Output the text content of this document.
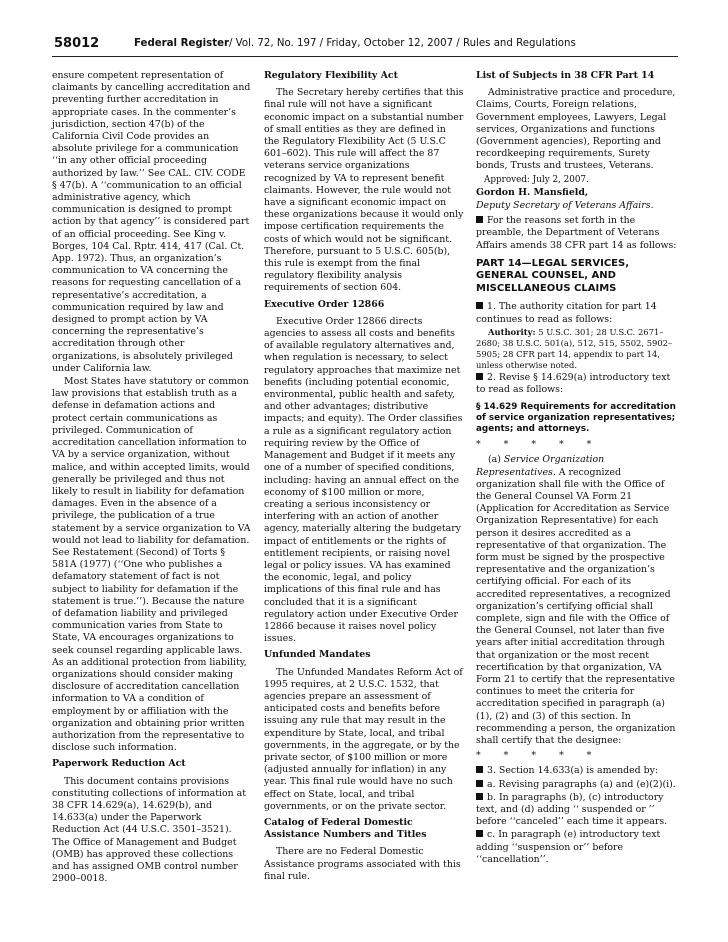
58012	Federal Register/ Vol. 72, No. 197 / Friday, October 12, 2007 / Rules and Regulations

ensure competent representation of claimants by cancelling accreditation and preventing further accreditation in appropriate cases. In the commenter’s jurisdiction, section 47(b) of the California Civil Code provides an absolute privilege for a communication ‘‘in any other official proceeding authorized by law.’’ See CAL. CIV. CODE § 47(b). A ‘‘communication to an official administrative agency, which communication is designed to prompt action by that agency’’ is considered part of an official proceeding. See King v. Borges, 104 Cal. Rptr. 414, 417 (Cal. Ct. App. 1972). Thus, an organization’s communication to VA concerning the reasons for requesting cancellation of a representative’s accreditation, a communication required by law and designed to prompt action by VA concerning the representative’s accreditation through other organizations, is absolutely privileged under California law.

Most States have statutory or common law provisions that establish truth as a defense in defamation actions and protect certain communications as privileged. Communication of accreditation cancellation information to VA by a service organization, without malice, and within accepted limits, would generally be privileged and thus not likely to result in liability for defamation damages. Even in the absence of a privilege, the publication of a true statement by a service organization to VA would not lead to liability for defamation. See Restatement (Second) of Torts § 581A (1977) (‘‘One who publishes a defamatory statement of fact is not subject to liability for defamation if the statement is true.’’). Because the nature of defamation liability and privileged communication varies from State to State, VA encourages organizations to seek counsel regarding applicable laws. As an additional protection from liability, organizations should consider making disclosure of accreditation cancellation information to VA a condition of employment by or affiliation with the organization and obtaining prior written authorization from the representative to disclose such information.

Paperwork Reduction Act

This document contains provisions constituting collections of information at 38 CFR 14.629(a), 14.629(b), and 14.633(a) under the Paperwork Reduction Act (44 U.S.C. 3501–3521). The Office of Management and Budget (OMB) has approved these collections and has assigned OMB control number 2900–0018.

Regulatory Flexibility Act

The Secretary hereby certifies that this final rule will not have a significant economic impact on a substantial number of small entities as they are defined in the Regulatory Flexibility Act (5 U.S.C 601–602). This rule will affect the 87 veterans service organizations recognized by VA to represent benefit claimants. However, the rule would not have a significant economic impact on these organizations because it would only impose certification requirements the costs of which would not be significant. Therefore, pursuant to 5 U.S.C. 605(b), this rule is exempt from the final regulatory flexibility analysis requirements of section 604.

Executive Order 12866

Executive Order 12866 directs agencies to assess all costs and benefits of available regulatory alternatives and, when regulation is necessary, to select regulatory approaches that maximize net benefits (including potential economic, environmental, public health and safety, and other advantages; distributive impacts; and equity). The Order classifies a rule as a significant regulatory action requiring review by the Office of Management and Budget if it meets any one of a number of specified conditions, including: having an annual effect on the economy of $100 million or more, creating a serious inconsistency or interfering with an action of another agency, materially altering the budgetary impact of entitlements or the rights of entitlement recipients, or raising novel legal or policy issues. VA has examined the economic, legal, and policy implications of this final rule and has concluded that it is a significant regulatory action under Executive Order 12866 because it raises novel policy issues.

Unfunded Mandates

The Unfunded Mandates Reform Act of 1995 requires, at 2 U.S.C. 1532, that agencies prepare an assessment of anticipated costs and benefits before issuing any rule that may result in the expenditure by State, local, and tribal governments, in the aggregate, or by the private sector, of $100 million or more (adjusted annually for inflation) in any year. This final rule would have no such effect on State, local, and tribal governments, or on the private sector.

Catalog of Federal Domestic Assistance Numbers and Titles

There are no Federal Domestic Assistance programs associated with this final rule.

List of Subjects in 38 CFR Part 14

Administrative practice and procedure, Claims, Courts, Foreign relations, Government employees, Lawyers, Legal services, Organizations and functions (Government agencies), Reporting and recordkeeping requirements, Surety bonds, Trusts and trustees, Veterans.

Approved: July 2, 2007.

Gordon H. Mansfield,

Deputy Secretary of Veterans Affairs.

For the reasons set forth in the preamble, the Department of Veterans Affairs amends 38 CFR part 14 as follows:

PART 14—LEGAL SERVICES, GENERAL COUNSEL, AND MISCELLANEOUS CLAIMS

1. The authority citation for part 14 continues to read as follows:

Authority: 5 U.S.C. 301; 28 U.S.C. 2671–2680; 38 U.S.C. 501(a), 512, 515, 5502, 5902–5905; 28 CFR part 14, appendix to part 14, unless otherwise noted.

2. Revise § 14.629(a) introductory text to read as follows:

§ 14.629 Requirements for accreditation of service organization representatives; agents; and attorneys.
* * * * *

(a) Service Organization Representatives. A recognized organization shall file with the Office of the General Counsel VA Form 21 (Application for Accreditation as Service Organization Representative) for each person it desires accredited as a representative of that organization. The form must be signed by the prospective representative and the organization’s certifying official. For each of its accredited representatives, a recognized organization’s certifying official shall complete, sign and file with the Office of the General Counsel, not later than five years after initial accreditation through that organization or the most recent recertification by that organization, VA Form 21 to certify that the representative continues to meet the criteria for accreditation specified in paragraph (a)(1), (2) and (3) of this section. In recommending a person, the organization shall certify that the designee:

* * * * *

3. Section 14.633(a) is amended by:

a. Revising paragraphs (a) and (e)(2)(i).

b. In paragraphs (b), (c) introductory text, and (d) adding ‘‘ suspended or ’’ before ‘‘canceled’’ each time it appears.

c. In paragraph (e) introductory text adding ‘‘suspension or’’ before ‘‘cancellation’’.
